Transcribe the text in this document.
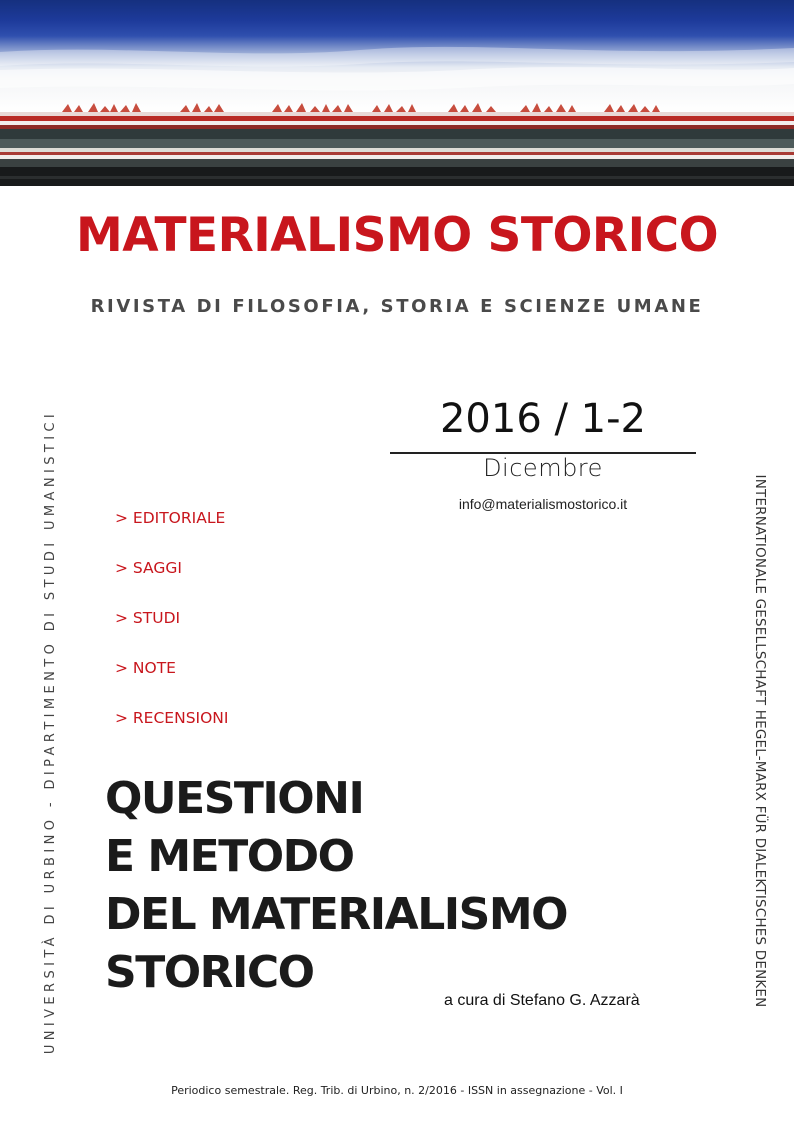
MATERIALISMO STORICO
RIVISTA DI FILOSOFIA, STORIA E SCIENZE UMANE
2016 / 1-2
Dicembre
info@materialismostorico.it
UNIVERSITÀ DI URBINO - DIPARTIMENTO DI STUDI UMANISTICI	INTERNATIONALE GESELLSCHAFT HEGEL-MARX FÜR DIALEKTISCHES DENKEN
> EDITORIALE
> SAGGI
> STUDI
> NOTE
> RECENSIONI
QUESTIONI
E METODO
DEL MATERIALISMO
STORICO
a cura di Stefano G. Azzarà
Periodico semestrale. Reg. Trib. di Urbino, n. 2/2016 - ISSN in assegnazione - Vol. I
